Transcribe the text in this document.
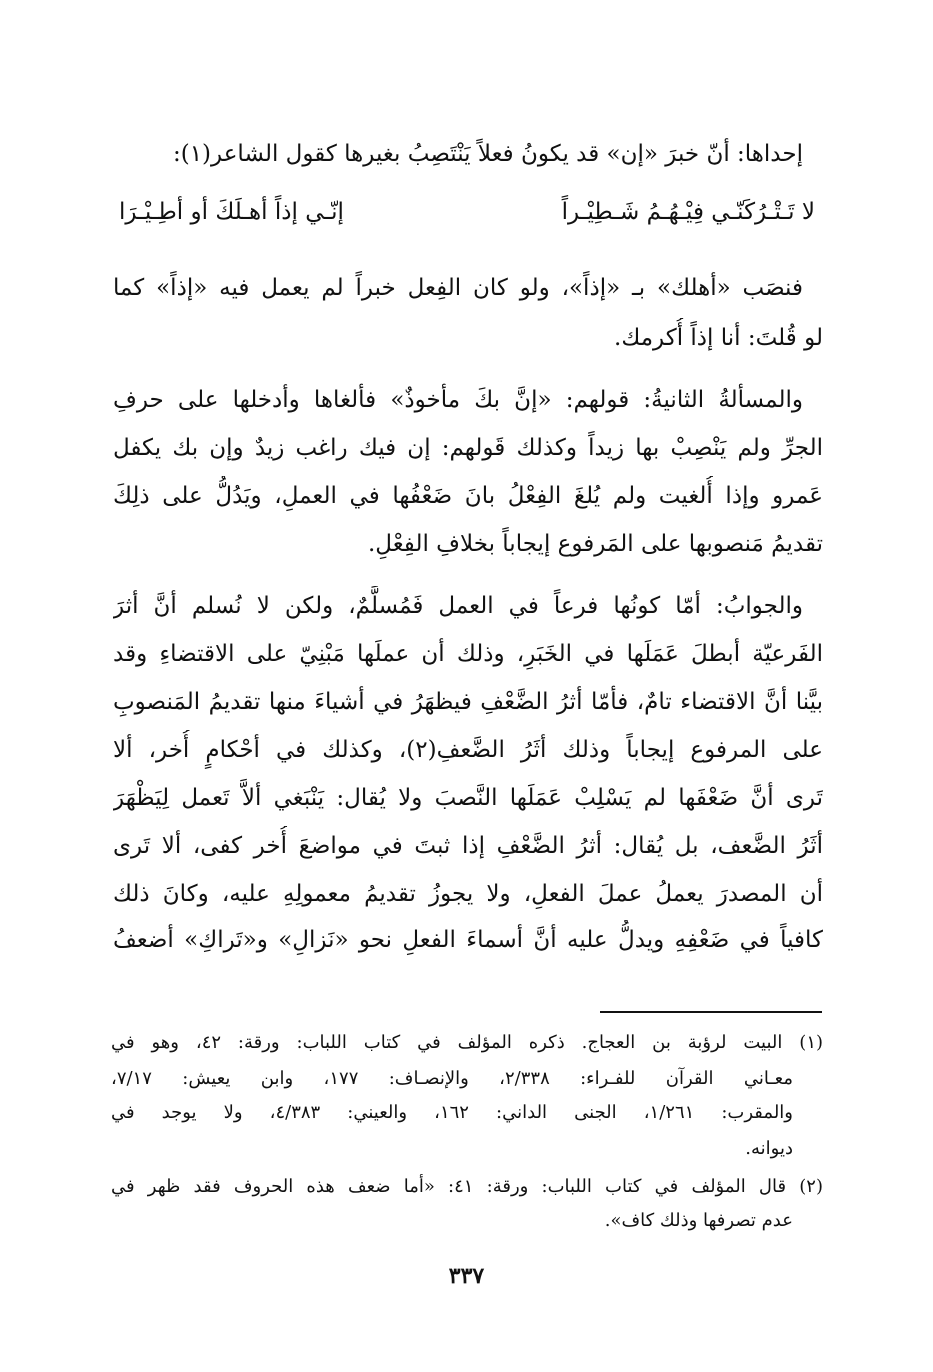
إحداها: أنّ خبرَ «إن» قد يكونُ فعلاً يَنْتَصِبُ بغيرها كقول الشاعر(١):
لا تَـتْـرُكَنّـي فِيْـهُـمُ شَـطِيْـراً
إنّـي إذاً أهـلَكَ أو أطِـيْـرَا
فنصَب «أهلك» بـ «إذاً»، ولو كان الفِعل خبراً لم يعمل فيه «إذاً» كما
لو قُلتَ: أنا إذاً أُكرمك.
والمسألةُ الثانيةُ: قولهم: «إنَّ بكَ مأخوذٌ» فألغاها وأدخلها على حرفِ
الجرِّ ولم يَنْصِبْ بها زيداً وكذلك قَولهم: إن فيك راغب زيدٌ وإن بك يكفل
عَمرو وإذا أُلغيت ولم يُلغَ الفِعْلُ بانَ ضَعْفُها في العملِ، ويَدُلُّ على ذلِكَ
تقديمُ مَنصوبها على المَرفوع إيجاباً بخلافِ الفِعْلِ.
والجوابُ: أمّا كونُها فرعاً في العمل فَمُسلَّمٌ، ولكن لا نُسلم أنَّ أثرَ
الفَرعيّة أبطلَ عَمَلَها في الخَبَرِ، وذلك أن عملَها مَبْنِيّ على الاقتضاءِ وقد
بيَّنا أنَّ الاقتضاء تامٌ، فأمّا أثرُ الضَّعْفِ فيظهَرُ في أشياءَ منها تقديمُ المَنصوبِ
على المرفوع إيجاباً وذلك أثَرُ الضَّعفِ(٢)، وكذلك في أحْكامٍ أُخر، ألا
تَرى أنَّ ضَعْفَها لم يَسْلِبْ عَمَلَها النَّصبَ ولا يُقال: يَنْبَغي ألاَّ تَعمل لِيَظْهَرَ
أثَرُ الضَّعف، بل يُقال: أثرُ الضَّعْفِ إذا ثبتَ في مواضعَ أُخر كفى، ألا تَرى
أن المصدرَ يعملُ عملَ الفعلِ، ولا يجوزُ تقديمُ معمولِهِ عليه، وكانَ ذلك
كافياً في ضَعْفِهِ ويدلُّ عليه أنَّ أسماءَ الفعلِ نحو «نَزالِ» و«تَراكِ» أضعفُ
(١) البيت لرؤبة بن العجاج. ذكره المؤلف في كتاب اللباب: ورقة: ٤٢، وهو في
معـاني القرآن للفـراء: ٢/٣٣٨، والإنصـاف: ١٧٧، وابن يعيش: ٧/١٧،
والمقرب: ١/٢٦١، الجنى الداني: ١٦٢، والعيني: ٤/٣٨٣، ولا يوجد في
ديوانه.
(٢) قال المؤلف في كتاب اللباب: ورقة: ٤١: «أما ضعف هذه الحروف فقد ظهر في
عدم تصرفها وذلك كاف».
٣٣٧
